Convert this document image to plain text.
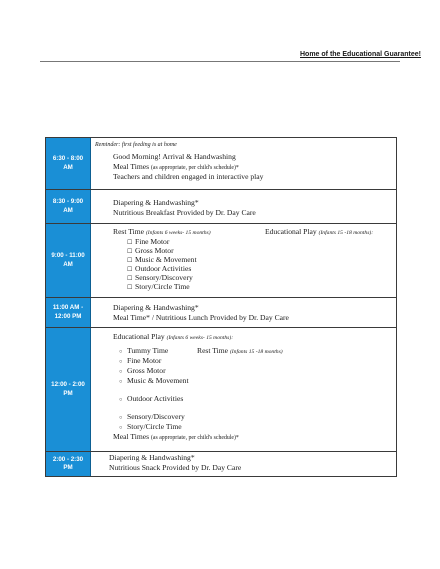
Home of the Educational Guarantee!
6:30 - 8:00
AM
Reminder: first feeding is at home
Good Morning! Arrival & Handwashing
Meal Times (as appropriate, per child's schedule)*
Teachers and children engaged in interactive play
8:30 - 9:00
AM
Diapering & Handwashing*
Nutritious Breakfast Provided by Dr. Day Care
9:00 - 11:00
AM
Rest Time (Infants 6 weeks- 15 months)	Educational Play (Infants 15 -18 months):
☐ Fine Motor
☐ Gross Motor
☐ Music & Movement
☐ Outdoor Activities
☐ Sensory/Discovery
☐ Story/Circle Time
11:00 AM -
12:00 PM
Diapering & Handwashing*
Meal Time* / Nutritious Lunch Provided by Dr. Day Care
12:00 - 2:00
PM
Educational Play (Infants 6 weeks- 15 months):
○ Tummy Time	Rest Time (Infants 15 -18 months)
○ Fine Motor
○ Gross Motor
○ Music & Movement
○ Outdoor Activities
○ Sensory/Discovery
○ Story/Circle Time
Meal Times (as appropriate, per child's schedule)*
2:00 - 2:30
PM
Diapering & Handwashing*
Nutritious Snack Provided by Dr. Day Care
